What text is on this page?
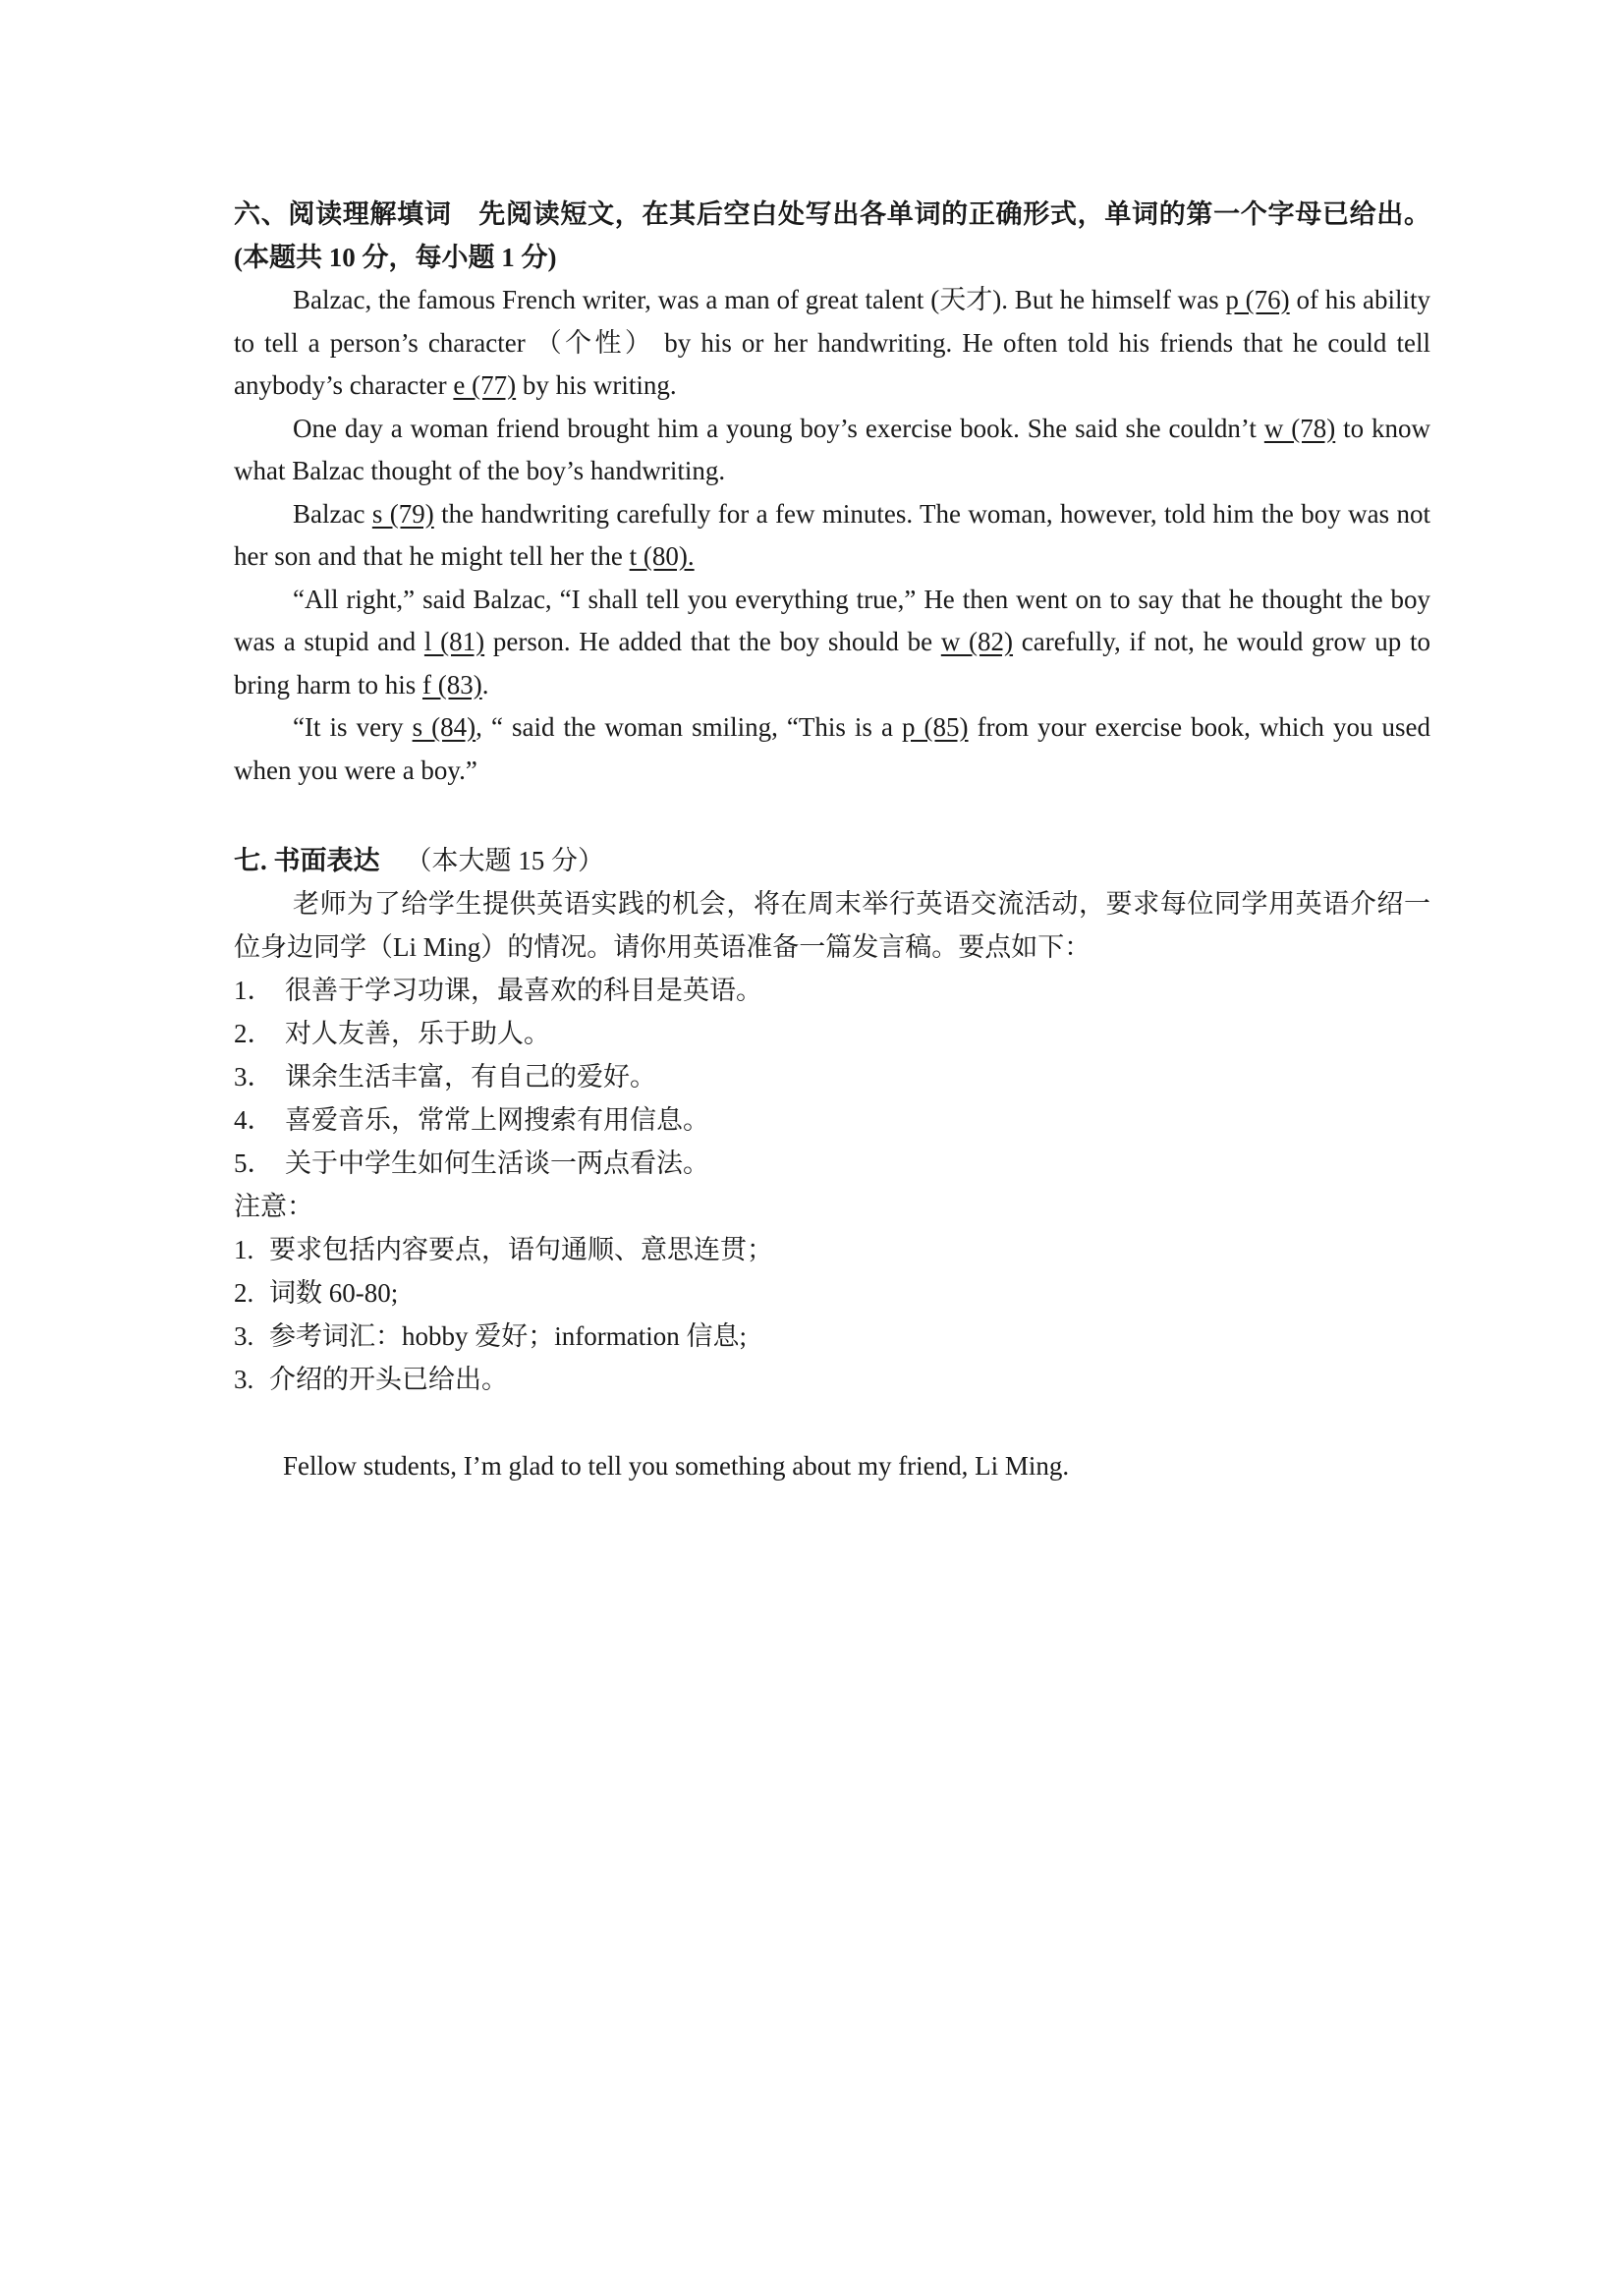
六、阅读理解填词　先阅读短文，在其后空白处写出各单词的正确形式，单词的第一个字母已给出。(本题共 10 分，每小题 1 分)
Balzac, the famous French writer, was a man of great talent (天才). But he himself was p (76) of his ability to tell a person’s character （个性） by his or her handwriting. He often told his friends that he could tell anybody’s character e (77) by his writing.
One day a woman friend brought him a young boy’s exercise book. She said she couldn’t w (78) to know what Balzac thought of the boy’s handwriting.
Balzac s (79) the handwriting carefully for a few minutes. The woman, however, told him the boy was not her son and that he might tell her the t (80).
“All right,” said Balzac, “I shall tell you everything true,” He then went on to say that he thought the boy was a stupid and l (81) person. He added that the boy should be w (82) carefully, if not, he would grow up to bring harm to his f (83).
“It is very s (84), “ said the woman smiling, “This is a p (85) from your exercise book, which you used when you were a boy.”
七. 书面表达 （本大题 15 分）
老师为了给学生提供英语实践的机会，将在周末举行英语交流活动，要求每位同学用英语介绍一位身边同学（Li Ming）的情况。请你用英语准备一篇发言稿。要点如下：
1． 很善于学习功课，最喜欢的科目是英语。
2． 对人友善，乐于助人。
3． 课余生活丰富，有自己的爱好。
4． 喜爱音乐，常常上网搜索有用信息。
5． 关于中学生如何生活谈一两点看法。
注意：
1. 要求包括内容要点，语句通顺、意思连贯；
2. 词数 60-80;
3. 参考词汇：hobby 爱好；information 信息;
3. 介绍的开头已给出。
Fellow students, I’m glad to tell you something about my friend, Li Ming.
